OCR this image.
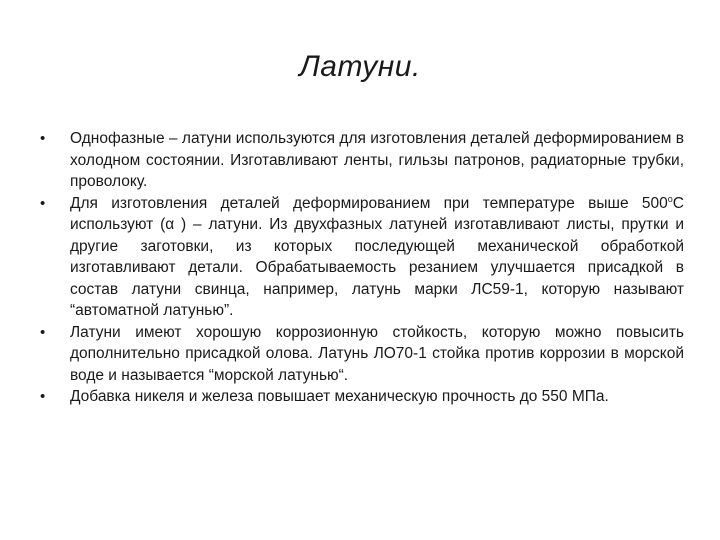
Латуни.
•	Однофазные – латуни используются для изготовления деталей деформированием в холодном состоянии. Изготавливают ленты, гильзы патронов, радиаторные трубки, проволоку.
•	Для изготовления деталей деформированием при температуре выше $500^оС$ используют (α ) – латуни. Из двухфазных латуней изготавливают листы, прутки и другие заготовки, из которых последующей механической обработкой изготавливают детали. Обрабатываемость резанием улучшается присадкой в состав латуни свинца, например, латунь марки ЛС59-1, которую называют “автоматной латунью”.
•	Латуни имеют хорошую коррозионную стойкость, которую можно повысить дополнительно присадкой олова. Латунь ЛО70-1 стойка против коррозии в морской воде и называется “морской латунью“.
•	Добавка никеля и железа повышает механическую прочность до 550 МПа.
